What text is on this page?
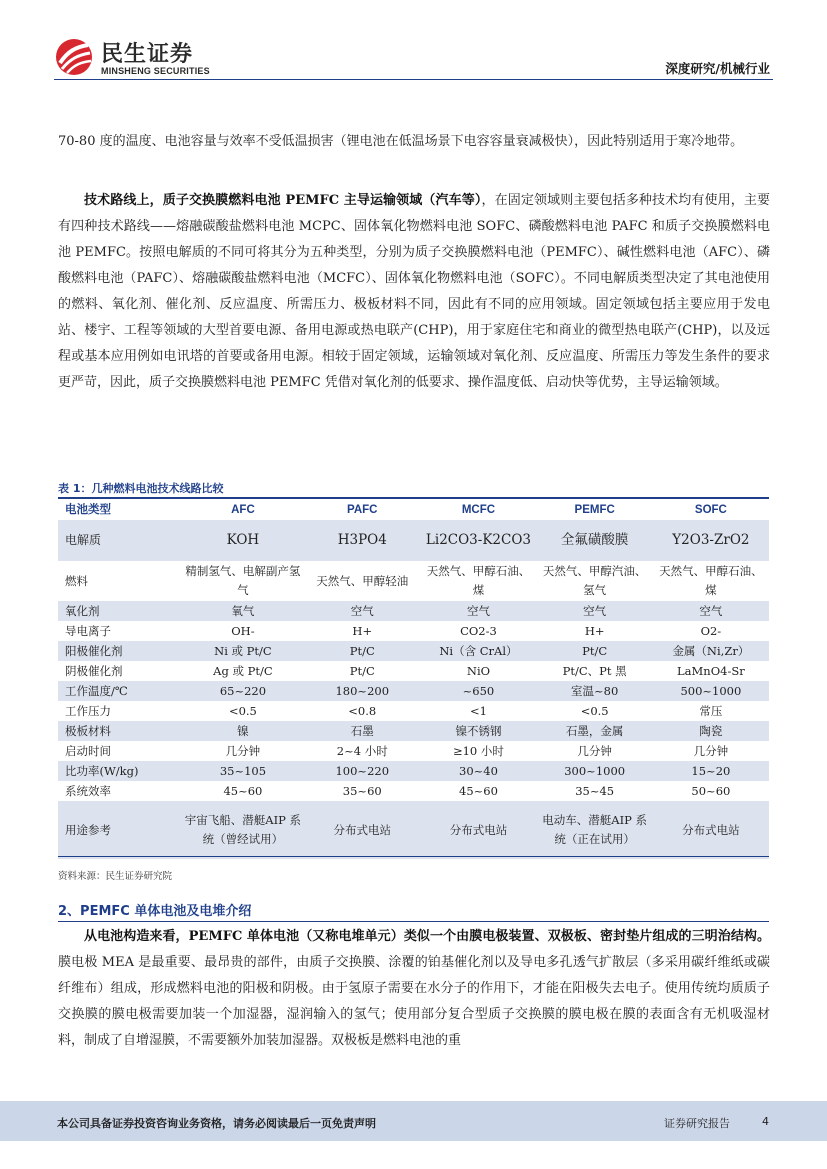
民生证券
MINSHENG SECURITIES	深度研究/机械行业

70-80 度的温度、电池容量与效率不受低温损害（锂电池在低温场景下电容容量衰减极快），因此特别适用于寒冷地带。

技术路线上，质子交换膜燃料电池 PEMFC 主导运输领域（汽车等），在固定领域则主要包括多种技术均有使用，主要有四种技术路线——熔融碳酸盐燃料电池 MCPC、固体氧化物燃料电池 SOFC、磷酸燃料电池 PAFC 和质子交换膜燃料电池 PEMFC。按照电解质的不同可将其分为五种类型，分别为质子交换膜燃料电池（PEMFC）、碱性燃料电池（AFC）、磷酸燃料电池（PAFC）、熔融碳酸盐燃料电池（MCFC）、固体氧化物燃料电池（SOFC）。不同电解质类型决定了其电池使用的燃料、氧化剂、催化剂、反应温度、所需压力、极板材料不同，因此有不同的应用领域。固定领域包括主要应用于发电站、楼宇、工程等领域的大型首要电源、备用电源或热电联产(CHP)，用于家庭住宅和商业的微型热电联产(CHP)，以及远程或基本应用例如电讯塔的首要或备用电源。相较于固定领域，运输领域对氧化剂、反应温度、所需压力等发生条件的要求更严苛，因此，质子交换膜燃料电池 PEMFC 凭借对氧化剂的低要求、操作温度低、启动快等优势，主导运输领域。

表 1：几种燃料电池技术线路比较
电池类型	AFC	PAFC	MCFC	PEMFC	SOFC
电解质	KOH	H3PO4	Li2CO3-K2CO3	全氟磺酸膜	Y2O3-ZrO2
燃料	精制氢气、电解副产氢气	天然气、甲醇轻油	天然气、甲醇石油、煤	天然气、甲醇汽油、氢气	天然气、甲醇石油、煤
氧化剂	氧气	空气	空气	空气	空气
导电离子	OH-	H+	CO2-3	H+	O2-
阳极催化剂	Ni 或 Pt/C	Pt/C	Ni（含 CrAl）	Pt/C	金属（Ni,Zr）
阴极催化剂	Ag 或 Pt/C	Pt/C	NiO	Pt/C、Pt 黑	LaMnO4-Sr
工作温度/℃	65~220	180~200	~650	室温~80	500~1000
工作压力	<0.5	<0.8	<1	<0.5	常压
极板材料	镍	石墨	镍不锈钢	石墨，金属	陶瓷
启动时间	几分钟	2~4 小时	≥10 小时	几分钟	几分钟
比功率(W/kg)	35~105	100~220	30~40	300~1000	15~20
系统效率	45~60	35~60	45~60	35~45	50~60
用途参考	宇宙飞船、潜艇AIP 系统（曾经试用）	分布式电站	分布式电站	电动车、潜艇AIP 系统（正在试用）	分布式电站
资料来源：民生证券研究院
2、PEMFC 单体电池及电堆介绍

从电池构造来看，PEMFC 单体电池（又称电堆单元）类似一个由膜电极装置、双极板、密封垫片组成的三明治结构。膜电极 MEA 是最重要、最昂贵的部件，由质子交换膜、涂覆的铂基催化剂以及导电多孔透气扩散层（多采用碳纤维纸或碳纤维布）组成，形成燃料电池的阳极和阴极。由于氢原子需要在水分子的作用下，才能在阳极失去电子。使用传统均质质子交换膜的膜电极需要加装一个加湿器，湿润输入的氢气；使用部分复合型质子交换膜的膜电极在膜的表面含有无机吸湿材料，制成了自增湿膜，不需要额外加装加湿器。双极板是燃料电池的重

本公司具备证券投资咨询业务资格，请务必阅读最后一页免责声明	证券研究报告	4
